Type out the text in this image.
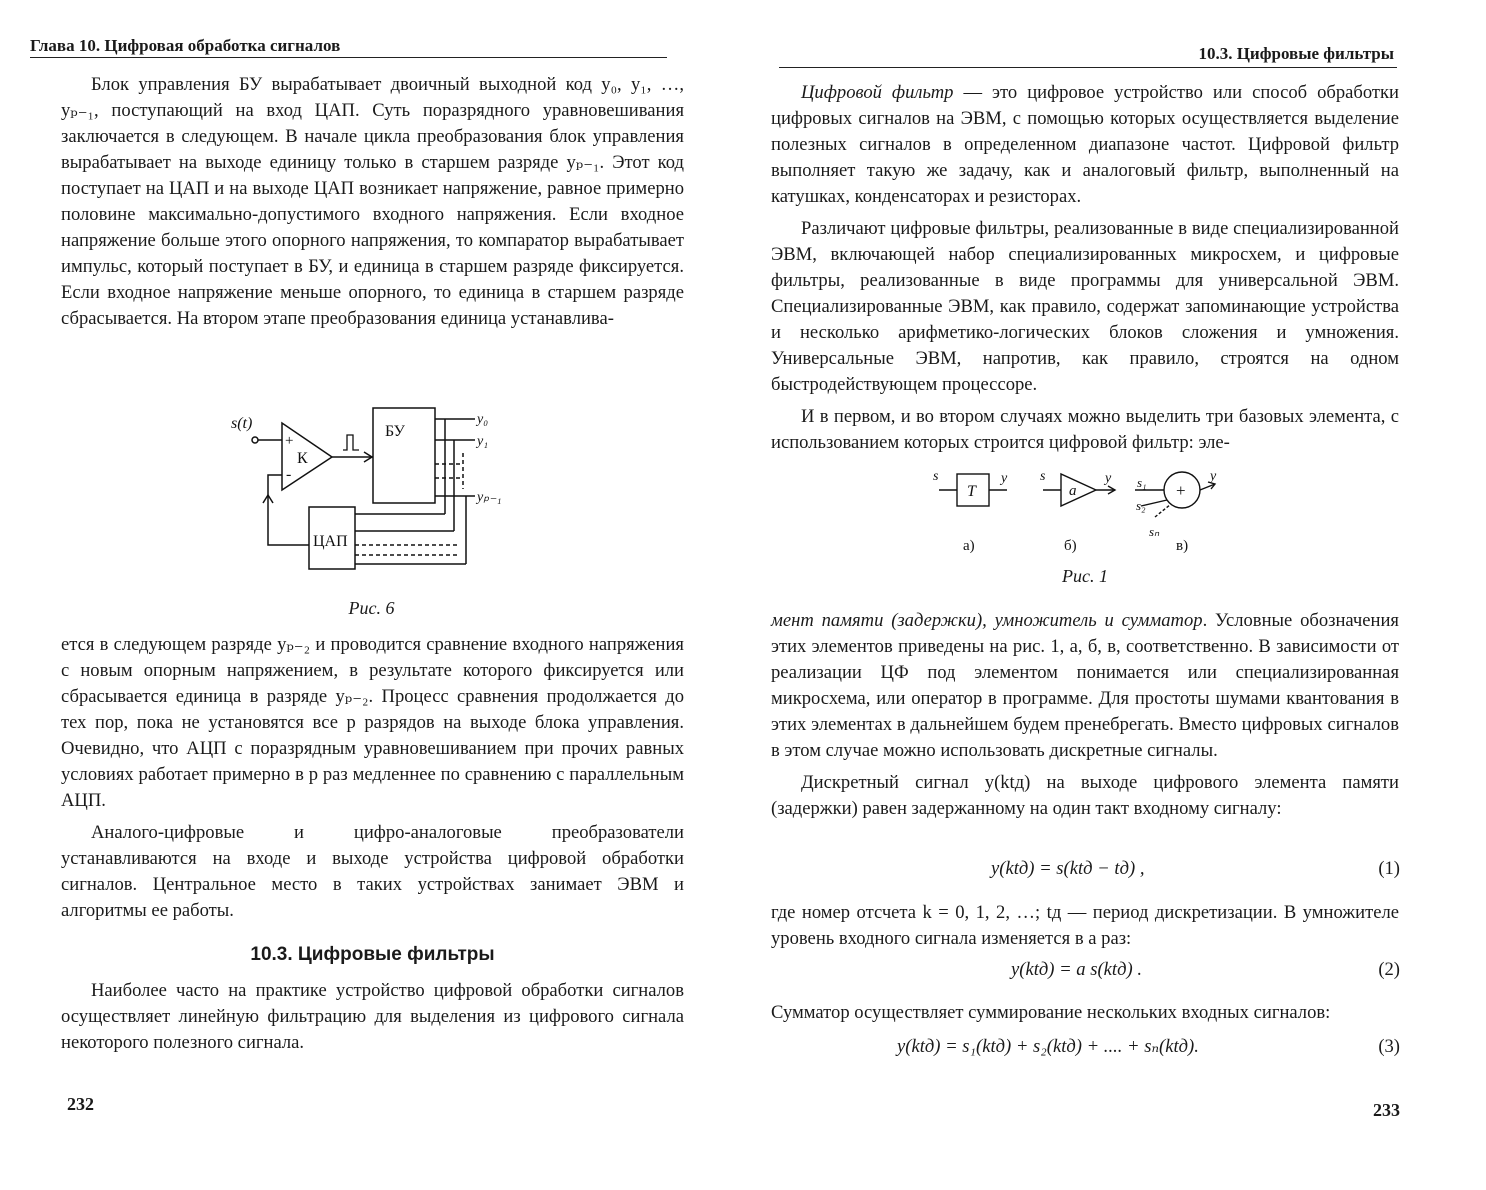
Глава 10. Цифровая обработка сигналов

Блок управления БУ вырабатывает двоичный выходной код y₀, y₁, …, yₚ₋₁, поступающий на вход ЦАП. Суть поразрядного уравновешивания заключается в следующем. В начале цикла преобразования блок управления вырабатывает на выходе единицу только в старшем разряде yₚ₋₁. Этот код поступает на ЦАП и на выходе ЦАП возникает напряжение, равное примерно половине максимально-допустимого входного напряжения. Если входное напряжение больше этого опорного напряжения, то компаратор вырабатывает импульс, который поступает в БУ, и единица в старшем разряде фиксируется. Если входное напряжение меньше опорного, то единица в старшем разряде сбрасывается. На втором этапе преобразования единица устанавлива-

s(t)
+
-
К
БУ
ЦАП
y₀
y₁
yₚ₋₁
Рис. 6

ется в следующем разряде yₚ₋₂ и проводится сравнение входного напряжения с новым опорным напряжением, в результате которого фиксируется или сбрасывается единица в разряде yₚ₋₂. Процесс сравнения продолжается до тех пор, пока не установятся все p разрядов на выходе блока управления. Очевидно, что АЦП с поразрядным уравновешиванием при прочих равных условиях работает примерно в p раз медленнее по сравнению с параллельным АЦП.

Аналого-цифровые и цифро-аналоговые преобразователи устанавливаются на входе и выходе устройства цифровой обработки сигналов. Центральное место в таких устройствах занимает ЭВМ и алгоритмы ее работы.

10.3. Цифровые фильтры

Наиболее часто на практике устройство цифровой обработки сигналов осуществляет линейную фильтрацию для выделения из цифрового сигнала некоторого полезного сигнала.

232
10.3. Цифровые фильтры

Цифровой фильтр — это цифровое устройство или способ обработки цифровых сигналов на ЭВМ, с помощью которых осуществляется выделение полезных сигналов в определенном диапазоне частот. Цифровой фильтр выполняет такую же задачу, как и аналоговый фильтр, выполненный на катушках, конденсаторах и резисторах.

Различают цифровые фильтры, реализованные в виде специализированной ЭВМ, включающей набор специализированных микросхем, и цифровые фильтры, реализованные в виде программы для универсальной ЭВМ. Специализированные ЭВМ, как правило, содержат запоминающие устройства и несколько арифметико-логических блоков сложения и умножения. Универсальные ЭВМ, напротив, как правило, строятся на одном быстродействующем процессоре.

И в первом, и во втором случаях можно выделить три базовых элемента, с использованием которых строится цифровой фильтр: эле-

s
T
y s
a
y
+
s₁
s₂
sₙ
y
а)	б)	в)
Рис. 1

мент памяти (задержки), умножитель и сумматор. Условные обозначения этих элементов приведены на рис. 1, а, б, в, соответственно. В зависимости от реализации ЦФ под элементом понимается или специализированная микросхема, или оператор в программе. Для простоты шумами квантования в этих элементах в дальнейшем будем пренебрегать. Вместо цифровых сигналов в этом случае можно использовать дискретные сигналы.

Дискретный сигнал y(ktд) на выходе цифрового элемента памяти (задержки) равен задержанному на один такт входному сигналу:

y(ktд) = s(ktд − tд) ,	(1)

где номер отсчета k = 0, 1, 2, …; tд — период дискретизации. В умножителе уровень входного сигнала изменяется в a раз:

y(ktд) = a s(ktд) .	(2)

Сумматор осуществляет суммирование нескольких входных сигналов:

y(ktд) = s₁(ktд) + s₂(ktд) + .... + sₙ(ktд).	(3)
233
